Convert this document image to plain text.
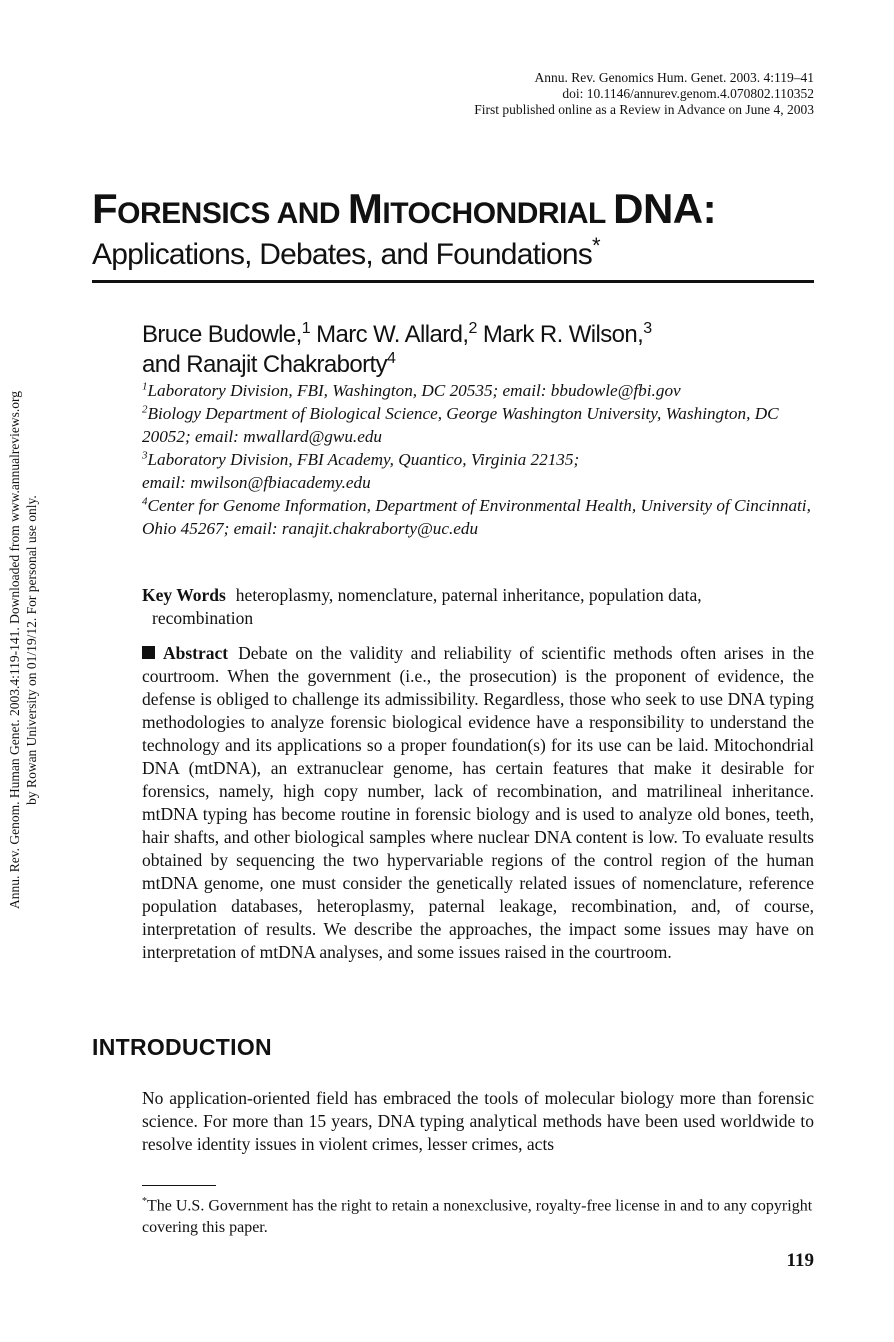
Annu. Rev. Genomics Hum. Genet. 2003. 4:119–41
doi: 10.1146/annurev.genom.4.070802.110352
First published online as a Review in Advance on June 4, 2003
Annu. Rev. Genom. Human Genet. 2003.4:119-141. Downloaded from www.annualreviews.org by Rowan University on 01/19/12. For personal use only.
FORENSICS AND MITOCHONDRIAL DNA:
Applications, Debates, and Foundations*
Bruce Budowle,$^1$ Marc W. Allard,$^2$ Mark R. Wilson,$^3$
and Ranajit Chakraborty$^4$
$^1$Laboratory Division, FBI, Washington, DC 20535; email: bbudowle@fbi.gov
$^2$Biology Department of Biological Science, George Washington University, Washington, DC 20052; email: mwallard@gwu.edu
$^3$Laboratory Division, FBI Academy, Quantico, Virginia 22135;
email: mwilson@fbiacademy.edu
$^4$Center for Genome Information, Department of Environmental Health, University of Cincinnati, Ohio 45267; email: ranajit.chakraborty@uc.edu
Key Words heteroplasmy, nomenclature, paternal inheritance, population data,
recombination
Abstract Debate on the validity and reliability of scientific methods often arises in the courtroom. When the government (i.e., the prosecution) is the proponent of evidence, the defense is obliged to challenge its admissibility. Regardless, those who seek to use DNA typing methodologies to analyze forensic biological evidence have a responsibility to understand the technology and its applications so a proper foundation(s) for its use can be laid. Mitochondrial DNA (mtDNA), an extranuclear genome, has certain features that make it desirable for forensics, namely, high copy number, lack of recombination, and matrilineal inheritance. mtDNA typing has become routine in forensic biology and is used to analyze old bones, teeth, hair shafts, and other biological samples where nuclear DNA content is low. To evaluate results obtained by sequencing the two hypervariable regions of the control region of the human mtDNA genome, one must consider the genetically related issues of nomenclature, reference population databases, heteroplasmy, paternal leakage, recombination, and, of course, interpretation of results. We describe the approaches, the impact some issues may have on interpretation of mtDNA analyses, and some issues raised in the courtroom.
INTRODUCTION
No application-oriented field has embraced the tools of molecular biology more than forensic science. For more than 15 years, DNA typing analytical methods have been used worldwide to resolve identity issues in violent crimes, lesser crimes, acts
*The U.S. Government has the right to retain a nonexclusive, royalty-free license in and to any copyright covering this paper.
119
